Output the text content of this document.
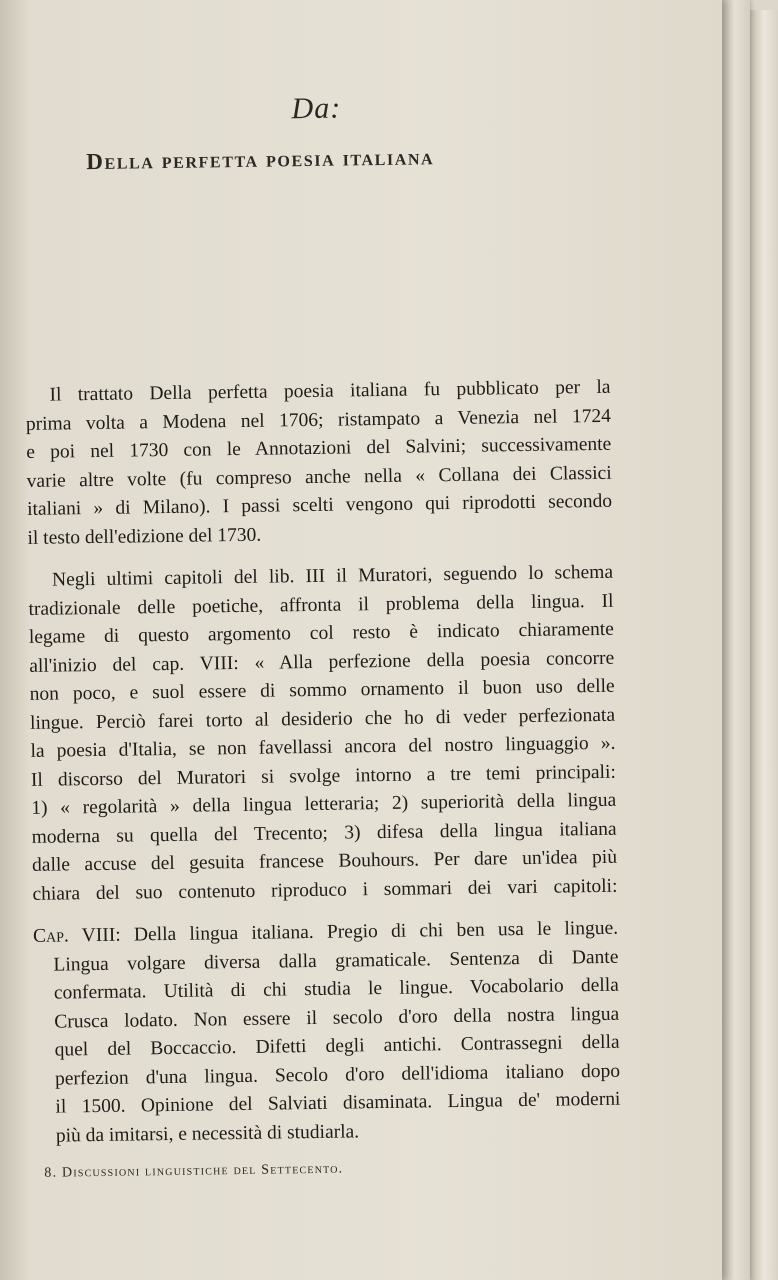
Da:
Della perfetta poesia italiana
Il trattato Della perfetta poesia italiana fu pubblicato per la
prima volta a Modena nel 1706; ristampato a Venezia nel 1724
e poi nel 1730 con le Annotazioni del Salvini; successivamente
varie altre volte (fu compreso anche nella « Collana dei Classici
italiani » di Milano). I passi scelti vengono qui riprodotti secondo
il testo dell'edizione del 1730.
Negli ultimi capitoli del lib. III il Muratori, seguendo lo schema
tradizionale delle poetiche, affronta il problema della lingua. Il
legame di questo argomento col resto è indicato chiaramente
all'inizio del cap. VIII: « Alla perfezione della poesia concorre
non poco, e suol essere di sommo ornamento il buon uso delle
lingue. Perciò farei torto al desiderio che ho di veder perfezionata
la poesia d'Italia, se non favellassi ancora del nostro linguaggio ».
Il discorso del Muratori si svolge intorno a tre temi principali:
1) « regolarità » della lingua letteraria; 2) superiorità della lingua
moderna su quella del Trecento; 3) difesa della lingua italiana
dalle accuse del gesuita francese Bouhours. Per dare un'idea più
chiara del suo contenuto riproduco i sommari dei vari capitoli:
Cap. VIII: Della lingua italiana. Pregio di chi ben usa le lingue.
Lingua volgare diversa dalla gramaticale. Sentenza di Dante
confermata. Utilità di chi studia le lingue. Vocabolario della
Crusca lodato. Non essere il secolo d'oro della nostra lingua
quel del Boccaccio. Difetti degli antichi. Contrassegni della
perfezion d'una lingua. Secolo d'oro dell'idioma italiano dopo
il 1500. Opinione del Salviati disaminata. Lingua de' moderni
più da imitarsi, e necessità di studiarla.
8. Discussioni linguistiche del Settecento.
